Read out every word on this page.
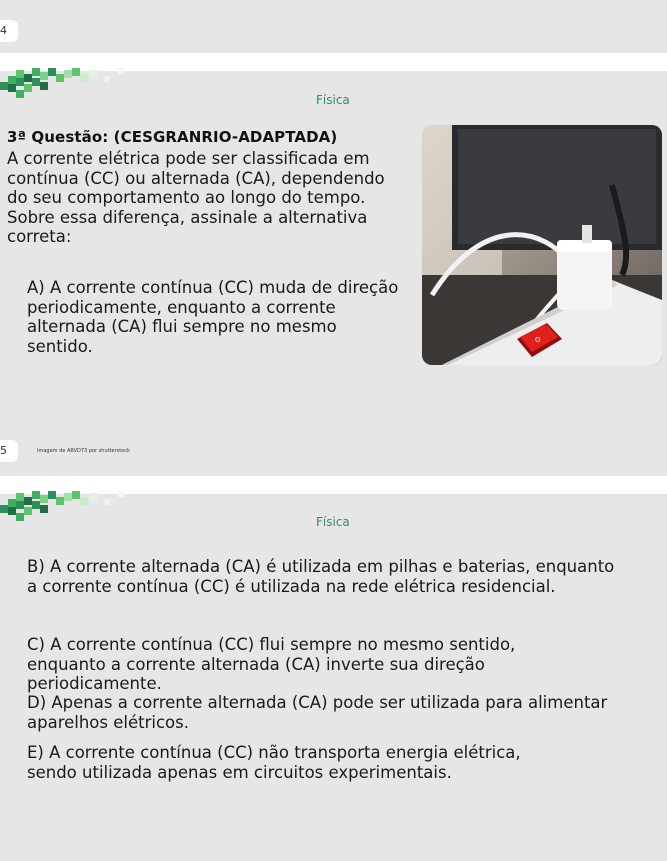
4
Física
3ª Questão: (CESGRANRIO-ADAPTADA)
A corrente elétrica pode ser classificada em contínua (CC) ou alternada (CA), dependendo do seu comportamento ao longo do tempo. Sobre essa diferença, assinale a alternativa correta:
A) A corrente contínua (CC) muda de direção periodicamente, enquanto a corrente alternada (CA) flui sempre no mesmo sentido.	O
5	Imagem de ARVD73 por shutterstock
Física
B) A corrente alternada (CA) é utilizada em pilhas e baterias, enquanto a corrente contínua (CC) é utilizada na rede elétrica residencial.
C) A corrente contínua (CC) flui sempre no mesmo sentido, enquanto a corrente alternada (CA) inverte sua direção periodicamente.
D) Apenas a corrente alternada (CA) pode ser utilizada para alimentar aparelhos elétricos.
E) A corrente contínua (CC) não transporta energia elétrica, sendo utilizada apenas em circuitos experimentais.
